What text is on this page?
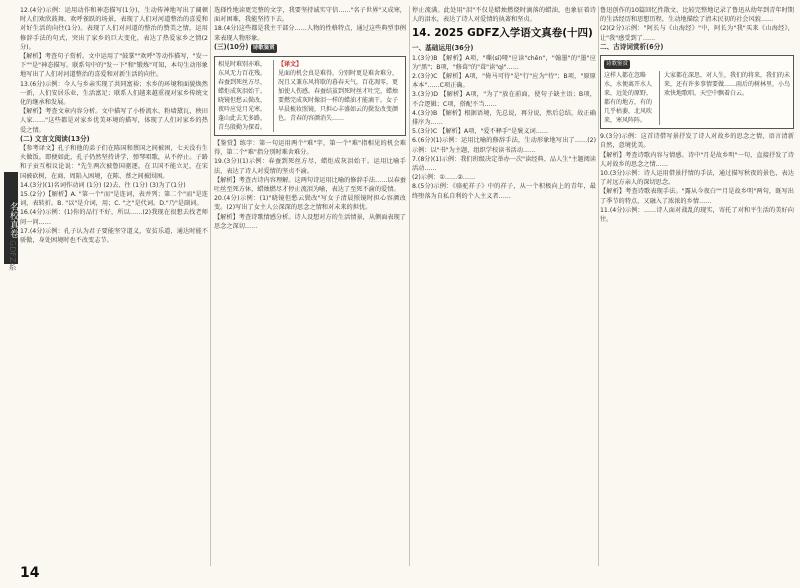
名校真卷
GDFZ系

12.(4分)示例：运用动作和神态描写(1分)，生动传神地写出了阔顿时人们欢欣鼓舞、欢呼雀跃的场景，表现了人们对河道整治的喜爱和对好生活的向往(1分)。表现了人们对河道的整治的赞美之情，运用修辞手法的句式，突出了家乡的巨大变化，表达了热爱家乡之情(2分)。

【解析】考查句子赏析。文中运用了"鼓掌""欢呼"等动作描写，"发一下""是"神态描写。联系句中的"发一下"和"锻炼"可知，本句生动形象地写出了人们对河道整治的喜爱和对新生活的向往。

13.(6分)示例：今人与乡亲实现了共同富裕；水乡的环境和面貌焕然一新，人们安居乐业，生活富足；联系人们越来越重视对家乡传统文化的继承和发展。

【解析】考查文章内容分析。文中描写了小桥流水、粉墙黛瓦，秧田人家……"这些都是对家乡优美环境的描写，体现了人们对家乡的热爱之情。

(二) 文言文阅读(13分)

【参考译文】孔子和他的弟子们在陈国和蔡国之间被困，七天没有生火做饭。即便如此，孔子仍然坚持讲学，弹琴唱歌，从不停止。子路和子贡互相议论说："先生两次被鲁国驱逐，在卫国不能立足，在宋国被砍树，在商、周陷入困境，在陈、蔡之间被围困。

14.(3分)(1)名词作动词 (1分) (2)去、往 (1分) (3)为了(1分)

15.(2分)【解析】A. "第一个"而"是连词，表并列；第二个"而"是连词，表转折。B. "以"是介词，用；C. "之"是代词。D."乃"是副词。

16.(4分)示例：(1)你的品行不好，所以……(2)我现在很想去找老师问一问……

17.(4分)示例：孔子认为君子要能坚守道义，安贫乐道，通达时能不骄傲，身处困境时也不改变志节。

选择性地读更完整的文字，我要坚持诚实守信……"名子世界"又成寒，面对困难，我能坚持下去。

18.(4分)这些都是我主干部分……人物的性格特点，通过这些典型事例来表现人物形象。

(三)(10分) 诗歌鉴赏

相见时难别亦难，东风无力百花残。春蚕到死丝方尽，蜡炬成灰泪始干。晓镜但愁云鬓改，夜吟应觉月光寒。蓬山此去无多路，青鸟殷勤为探看。
【译文】
见面的机会真是难得，分别时更是难舍难分，况且又兼东风将歇的暮春天气，百花凋零，更加使人伤感。春蚕结茧到死时丝才吐完，蜡烛要燃完成灰时像泪一样的蜡油才能滴干。女子早晨梳妆照镜，只担心丰盛如云的鬓发改变颜色，青春的容颜消失……

【鉴赏】练字：第一句运用两个"难"字，第一个"难"指相见的机会难得，第二个"难"指分别时难舍难分。

19.(3分)(1)示例：春蚕到死丝方尽，蜡炬成灰泪始干。运用比喻手法，表达了诗人对爱情的坚贞不渝。

【解析】考查古诗内容理解。这两句诗运用比喻的修辞手法……以春蚕吐丝至死方休，蜡烛燃尽才停止流泪为喻，表达了至死不渝的爱情。

20.(4分)示例：(1)"晓镜但愁云鬓改"写女子清晨照镜时担心容颜改变。(2)写出了女主人公深深的思念之情和对未来的担忧。

【解析】考查诗歌情感分析。诗人设想对方的生活情景，从侧面表现了思念之深切……

停止流满。此处用"泪"不仅是蜡烛燃烧时滴落的蜡油，也象征着诗人的泪水，表达了诗人对爱情的执著和坚贞。

14. 2025 GDFZ入学语文真卷(十四)

一、基础运用(36分)

1.(3分)B 【解析】A项，"嘶(sī)哑"应读"chēn"，"翰墨"的"墨"应为"黑"；B项，"修葺"的"葺"读"qì"……

2.(3分)C 【解析】A项，"倚马可待"是"行"应为"待"；B项，"原原本本"……C项正确。

3.(3分)D 【解析】A项，"为了"放在前面，使句子缺主语；B项，不合逻辑；C项，搭配不当……

4.(3分)B 【解析】根据语境，先总说，再分说，然后总结，故正确排序为……

5.(3分)C 【解析】A项，"爱不释手"是褒义词……

6.(6分)(1)示例：运用比喻的修辞手法，生动形象地写出了……(2)示例：以"书"为主题，组织学校读书活动……

7.(8分)(1)示例：我们班级决定举办一次"读经典、品人生"主题阅读活动……

(2)示例：①……②……

8.(5分)示例：《骆驼祥子》中的祥子，从一个积极向上的青年，最终堕落为自私自利的个人主义者……

鲁迅创作的10篇回忆性散文，比较完整地记录了鲁迅从幼年到青年时期的生活经历和思想历程，生动地描绘了清末民初的社会风貌……

(2)(2分)示例："阿长与《山海经》"中，阿长为"我"买来《山海经》，让"我"感受到了……

二、古诗词赏析(6分)

诗歌鉴赏
这样人都在忽略水，水便离开水人来，远处的原野，都有的地方，有的几乎枯萎，北风吹来，寒风阵阵。
大家都在深思，对人生，我们的将来，我们的未来，还有许多事情要做……雨后的树林里，小鸟欢快地歌唱，天空中飘着白云。

9.(3分)示例：这首诗借写景抒发了诗人对故乡的思念之情，语言清新自然，意境优美。

【解析】考查诗歌内容与情感。诗中"月是故乡明"一句，直接抒发了诗人对故乡的思念之情……

10.(3分)示例：诗人运用借景抒情的手法，通过描写秋夜的景色，表达了对远方亲人的深切思念。

【解析】考查诗歌表现手法。"露从今夜白""月是故乡明"两句，既写出了季节的特点，又融入了浓浓的乡情……

11.(4分)示例：……诗人面对战乱的现实，寄托了对和平生活的美好向往。

14
